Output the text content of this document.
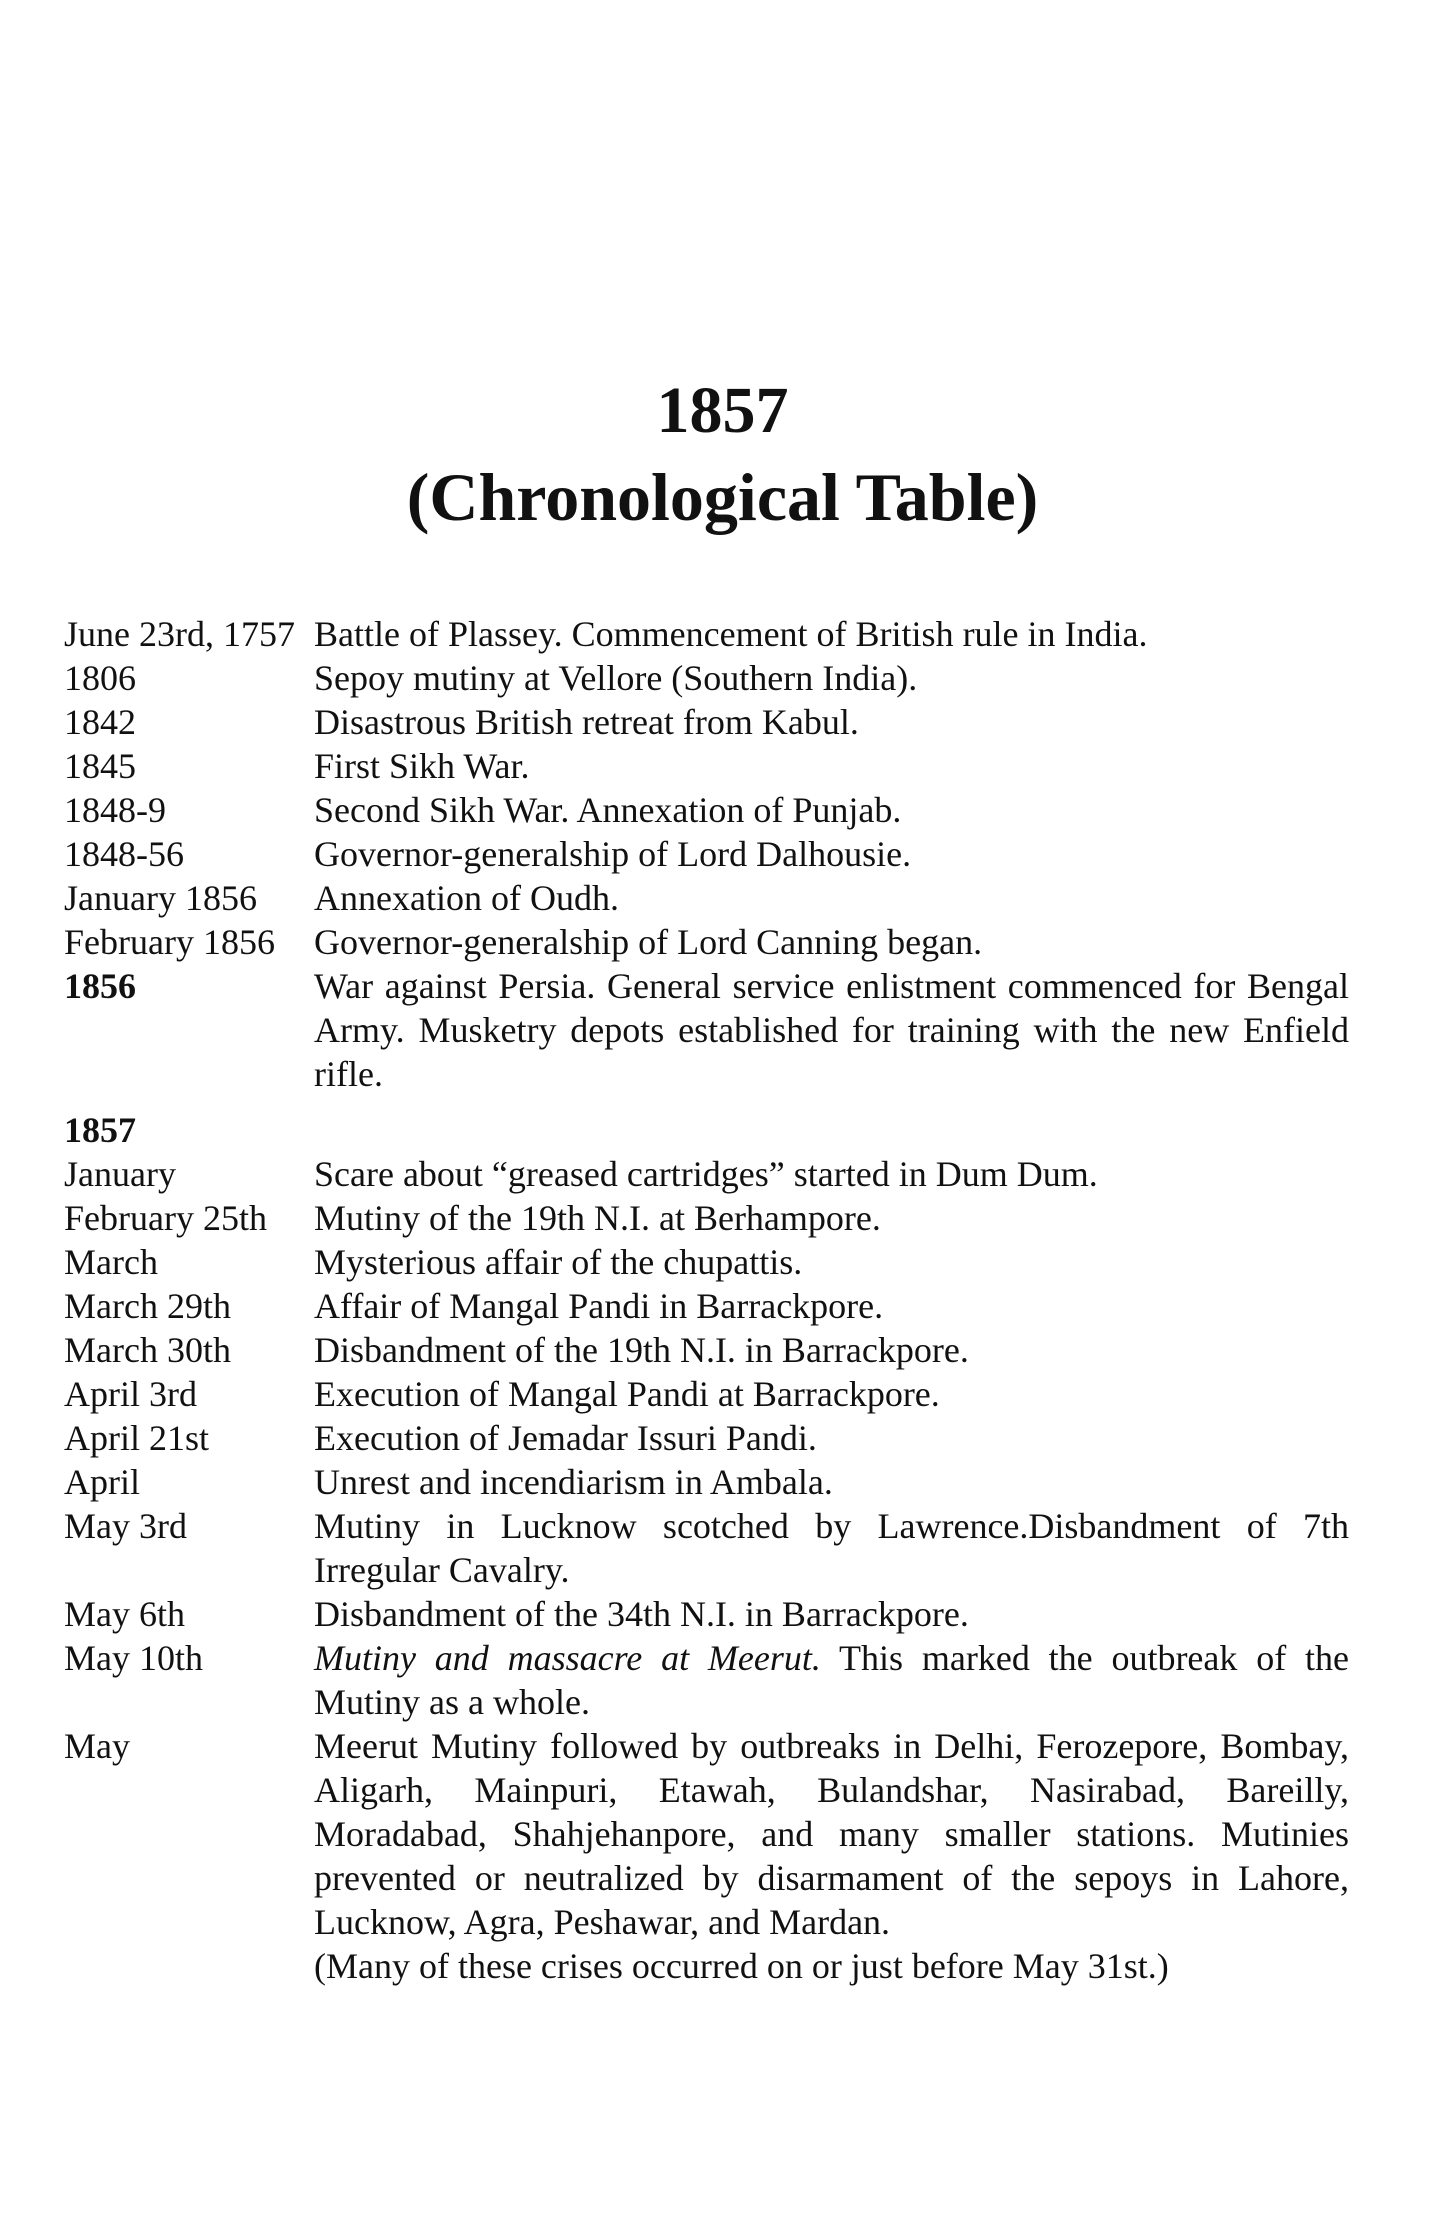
1857
(Chronological Table)
June 23rd, 1757 Battle of Plassey. Commencement of British rule in India.
1806	Sepoy mutiny at Vellore (Southern India).
1842	Disastrous British retreat from Kabul.
1845	First Sikh War.
1848-9	Second Sikh War. Annexation of Punjab.
1848-56	Governor-generalship of Lord Dalhousie.
January 1856	Annexation of Oudh.
February 1856	Governor-generalship of Lord Canning began.
1856	War against Persia. General service enlistment commenced for Bengal Army. Musketry depots established for training with the new Enfield rifle.
1857
January	Scare about “greased cartridges” started in Dum Dum.
February 25th	Mutiny of the 19th N.I. at Berhampore.
March	Mysterious affair of the chupattis.
March 29th	Affair of Mangal Pandi in Barrackpore.
March 30th	Disbandment of the 19th N.I. in Barrackpore.
April 3rd	Execution of Mangal Pandi at Barrackpore.
April 21st	Execution of Jemadar Issuri Pandi.
April	Unrest and incendiarism in Ambala.
May 3rd	Mutiny in Lucknow scotched by Lawrence.Disbandment of 7th Irregular Cavalry.
May 6th	Disbandment of the 34th N.I. in Barrackpore.
May 10th	Mutiny and massacre at Meerut. This marked the outbreak of the Mutiny as a whole.
May	Meerut Mutiny followed by outbreaks in Delhi, Ferozepore, Bombay, Aligarh, Mainpuri, Etawah, Bulandshar, Nasirabad, Bareilly, Moradabad, Shahjehanpore, and many smaller stations. Mutinies prevented or neutralized by disarmament of the sepoys in Lahore, Lucknow, Agra, Peshawar, and Mardan.
(Many of these crises occurred on or just before May 31st.)
